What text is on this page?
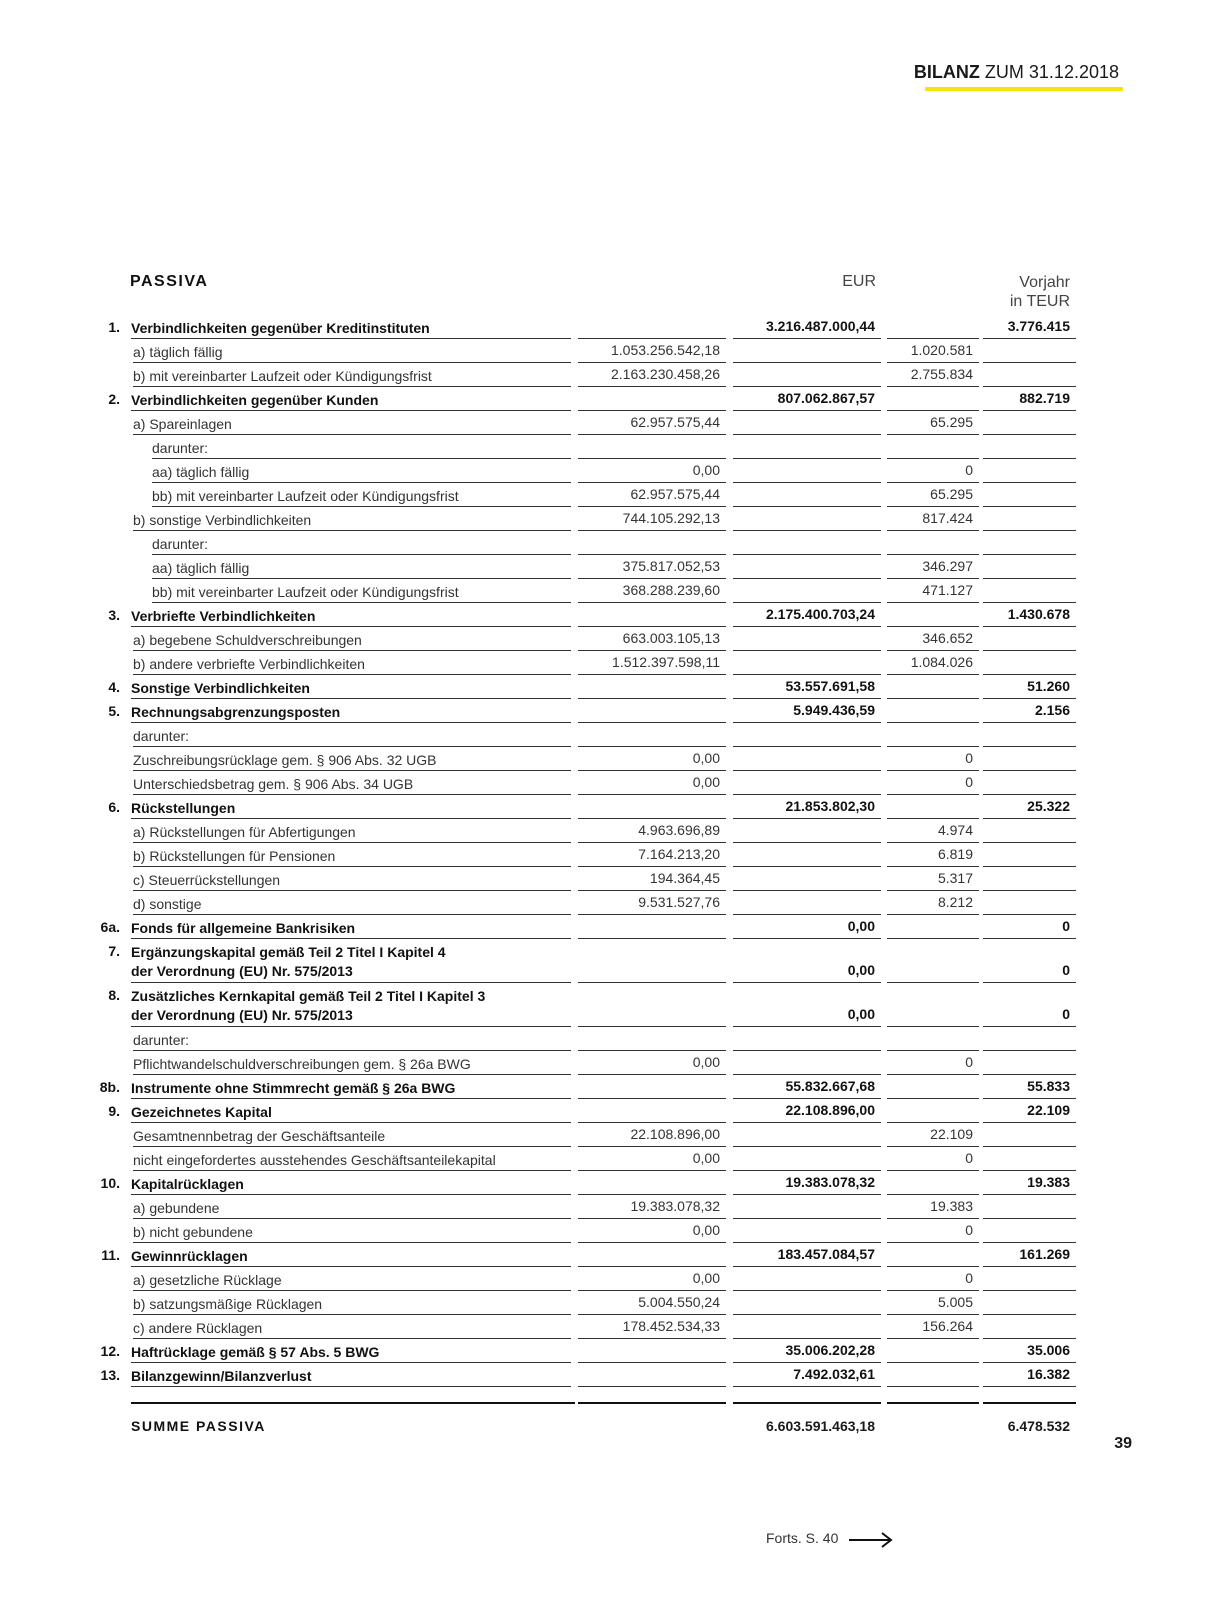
BILANZ ZUM 31.12.2018
PASSIVA	EUR	Vorjahr
in TEUR
1. Verbindlichkeiten gegenüber Kreditinstituten	3.216.487.000,44	3.776.415
a) täglich fällig	1.053.256.542,18	1.020.581
b) mit vereinbarter Laufzeit oder Kündigungsfrist	2.163.230.458,26	2.755.834
2. Verbindlichkeiten gegenüber Kunden	807.062.867,57	882.719
a) Spareinlagen	62.957.575,44	65.295
darunter:
aa) täglich fällig	0,00	0
bb) mit vereinbarter Laufzeit oder Kündigungsfrist	62.957.575,44	65.295
b) sonstige Verbindlichkeiten	744.105.292,13	817.424
darunter:
aa) täglich fällig	375.817.052,53	346.297
bb) mit vereinbarter Laufzeit oder Kündigungsfrist	368.288.239,60	471.127
3. Verbriefte Verbindlichkeiten	2.175.400.703,24	1.430.678
a) begebene Schuldverschreibungen	663.003.105,13	346.652
b) andere verbriefte Verbindlichkeiten	1.512.397.598,11	1.084.026
4. Sonstige Verbindlichkeiten	53.557.691,58	51.260
5. Rechnungsabgrenzungsposten	5.949.436,59	2.156
darunter:
Zuschreibungsrücklage gem. § 906 Abs. 32 UGB	0,00	0
Unterschiedsbetrag gem. § 906 Abs. 34 UGB	0,00	0
6. Rückstellungen	21.853.802,30	25.322
a) Rückstellungen für Abfertigungen	4.963.696,89	4.974
b) Rückstellungen für Pensionen	7.164.213,20	6.819
c) Steuerrückstellungen	194.364,45	5.317
d) sonstige	9.531.527,76	8.212
6a. Fonds für allgemeine Bankrisiken	0,00	0
7. Ergänzungskapital gemäß Teil 2 Titel I Kapitel 4
der Verordnung (EU) Nr. 575/2013	0,00	0
8. Zusätzliches Kernkapital gemäß Teil 2 Titel I Kapitel 3
der Verordnung (EU) Nr. 575/2013	0,00	0
darunter:
Pflichtwandelschuldverschreibungen gem. § 26a BWG	0,00	0
8b. Instrumente ohne Stimmrecht gemäß § 26a BWG	55.832.667,68	55.833
9. Gezeichnetes Kapital	22.108.896,00	22.109
Gesamtnennbetrag der Geschäftsanteile	22.108.896,00	22.109
nicht eingefordertes ausstehendes Geschäftsanteilekapital	0,00	0
10. Kapitalrücklagen	19.383.078,32	19.383
a) gebundene	19.383.078,32	19.383
b) nicht gebundene	0,00	0
11. Gewinnrücklagen	183.457.084,57	161.269
a) gesetzliche Rücklage	0,00	0
b) satzungsmäßige Rücklagen	5.004.550,24	5.005
c) andere Rücklagen	178.452.534,33	156.264
12. Haftrücklage gemäß § 57 Abs. 5 BWG	35.006.202,28	35.006
13. Bilanzgewinn/Bilanzverlust	7.492.032,61	16.382
SUMME PASSIVA	6.603.591.463,18	6.478.532
39
Forts. S. 40
